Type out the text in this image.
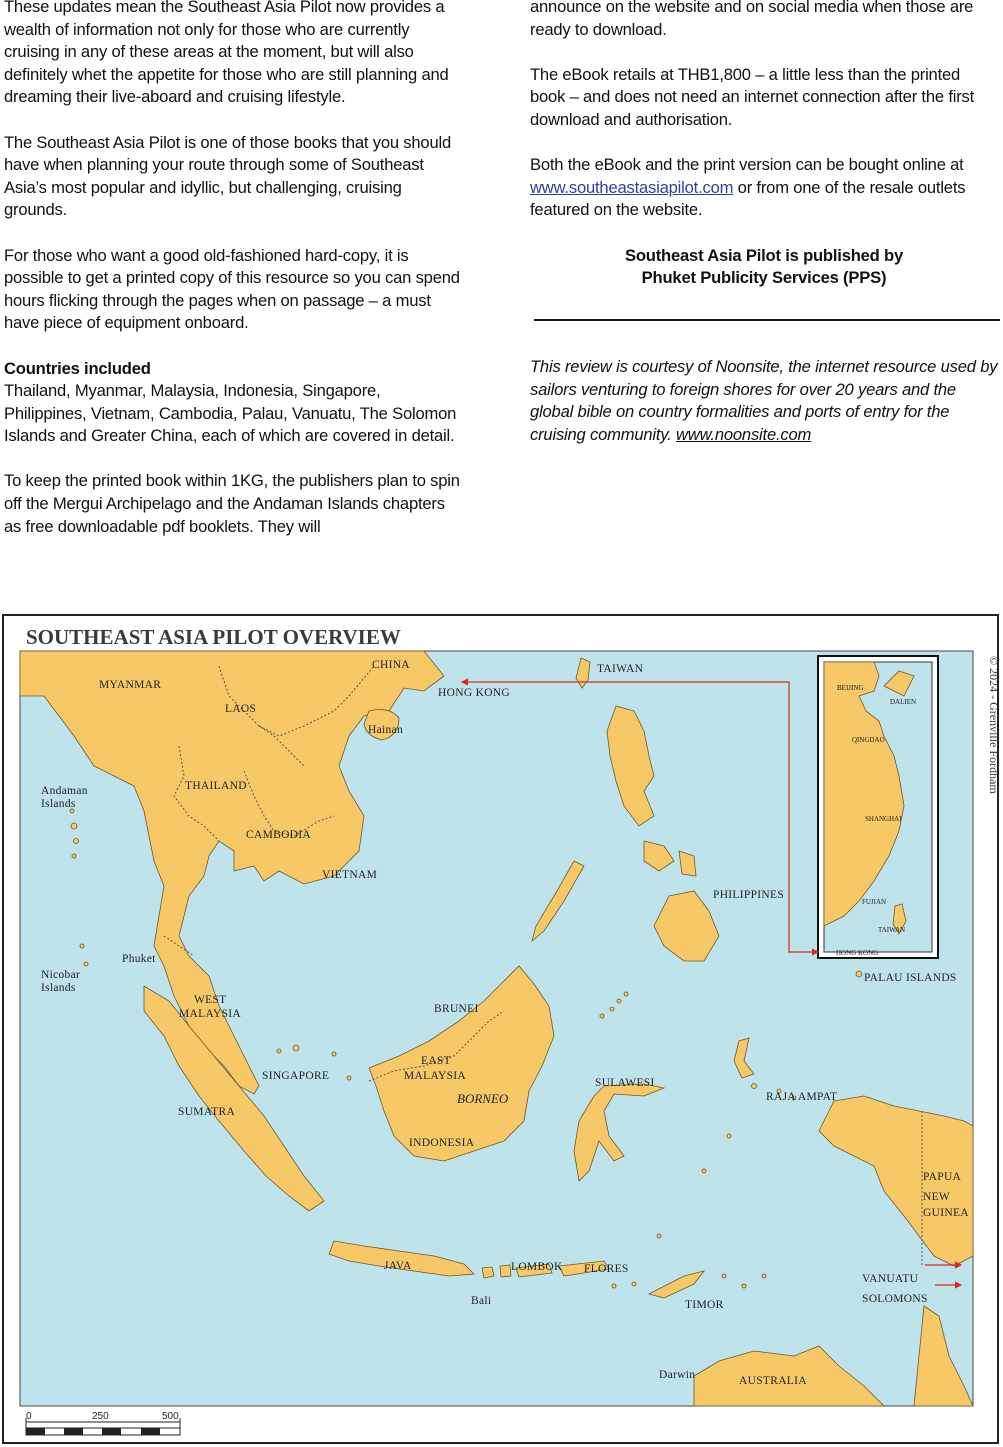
These updates mean the Southeast Asia Pilot now provides a wealth of information not only for those who are currently cruising in any of these areas at the moment, but will also definitely whet the appetite for those who are still planning and dreaming their live-aboard and cruising lifestyle.

The Southeast Asia Pilot is one of those books that you should have when planning your route through some of Southeast Asia’s most popular and idyllic, but challenging, cruising grounds.

For those who want a good old-fashioned hard-copy, it is possible to get a printed copy of this resource so you can spend hours flicking through the pages when on passage – a must have piece of equipment onboard.

Countries included

Thailand, Myanmar, Malaysia, Indonesia, Singapore, Philippines, Vietnam, Cambodia, Palau, Vanuatu, The Solomon Islands and Greater China, each of which are covered in detail.

To keep the printed book within 1KG, the publishers plan to spin off the Mergui Archipelago and the Andaman Islands chapters as free downloadable pdf booklets. They will

announce on the website and on social media when those are ready to download.

The eBook retails at THB1,800 – a little less than the printed book – and does not need an internet connection after the first download and authorisation.

Both the eBook and the print version can be bought online at www.southeastasiapilot.com or from one of the resale outlets featured on the website.

Southeast Asia Pilot is published by
Phuket Publicity Services (PPS)
This review is courtesy of Noonsite, the internet resource used by sailors venturing to foreign shores for over 20 years and the global bible on country formalities and ports of entry for the cruising community. www.noonsite.com
SOUTHEAST ASIA PILOT OVERVIEW
© 2024 - Grenville Fordham
CHINA	TAIWAN
HONG KONG
MYANMAR
LAOS
Hainan
Andaman
Islands
THAILAND
CAMBODIA
VIETNAM
PHILIPPINES
Phuket
Nicobar
Islands
WEST
MALAYSIA	BRUNEI
EAST
MALAYSIA
BORNEO
SINGAPORE
SUMATRA
INDONESIA
SULAWESI
RAJA AMPAT
PALAU ISLANDS
PAPUA
NEW
GUINEA
JAVA	LOMBOK FLORES
Bali	TIMOR
VANUATU
SOLOMONS
Darwin	AUSTRALIA
BEIJING
DALIEN
QINGDAO
SHANGHAI
FUJIAN
TAIWAN
HONG KONG
0	250	500
